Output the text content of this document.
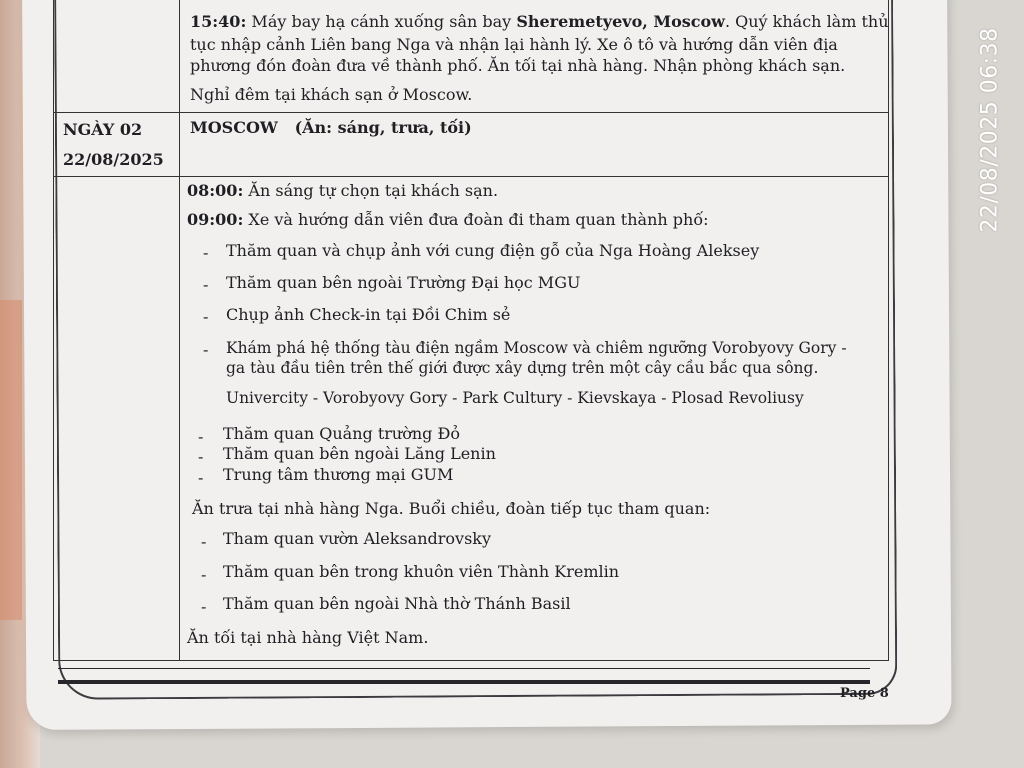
15:40: Máy bay hạ cánh xuống sân bay Sheremetyevo, Moscow. Quý khách làm thủ
tục nhập cảnh Liên bang Nga và nhận lại hành lý. Xe ô tô và hướng dẫn viên địa
phương đón đoàn đưa về thành phố. Ăn tối tại nhà hàng. Nhận phòng khách sạn.
Nghỉ đêm tại khách sạn ở Moscow.
NGÀY 02
22/08/2025
MOSCOW (Ăn: sáng, trưa, tối)
08:00: Ăn sáng tự chọn tại khách sạn.
09:00: Xe và hướng dẫn viên đưa đoàn đi tham quan thành phố:
- Thăm quan và chụp ảnh với cung điện gỗ của Nga Hoàng Aleksey
- Thăm quan bên ngoài Trường Đại học MGU
- Chụp ảnh Check-in tại Đồi Chim sẻ
- Khám phá hệ thống tàu điện ngầm Moscow và chiêm ngưỡng Vorobyovy Gory -
ga tàu đầu tiên trên thế giới được xây dựng trên một cây cầu bắc qua sông.
Univercity - Vorobyovy Gory - Park Cultury - Kievskaya - Plosad Revoliusy
- Thăm quan Quảng trường Đỏ
- Thăm quan bên ngoài Lăng Lenin
- Trung tâm thương mại GUM
Ăn trưa tại nhà hàng Nga. Buổi chiều, đoàn tiếp tục tham quan:
- Tham quan vườn Aleksandrovsky
- Thăm quan bên trong khuôn viên Thành Kremlin
- Thăm quan bên ngoài Nhà thờ Thánh Basil
Ăn tối tại nhà hàng Việt Nam.
Page 8
22/08/2025 06:38
